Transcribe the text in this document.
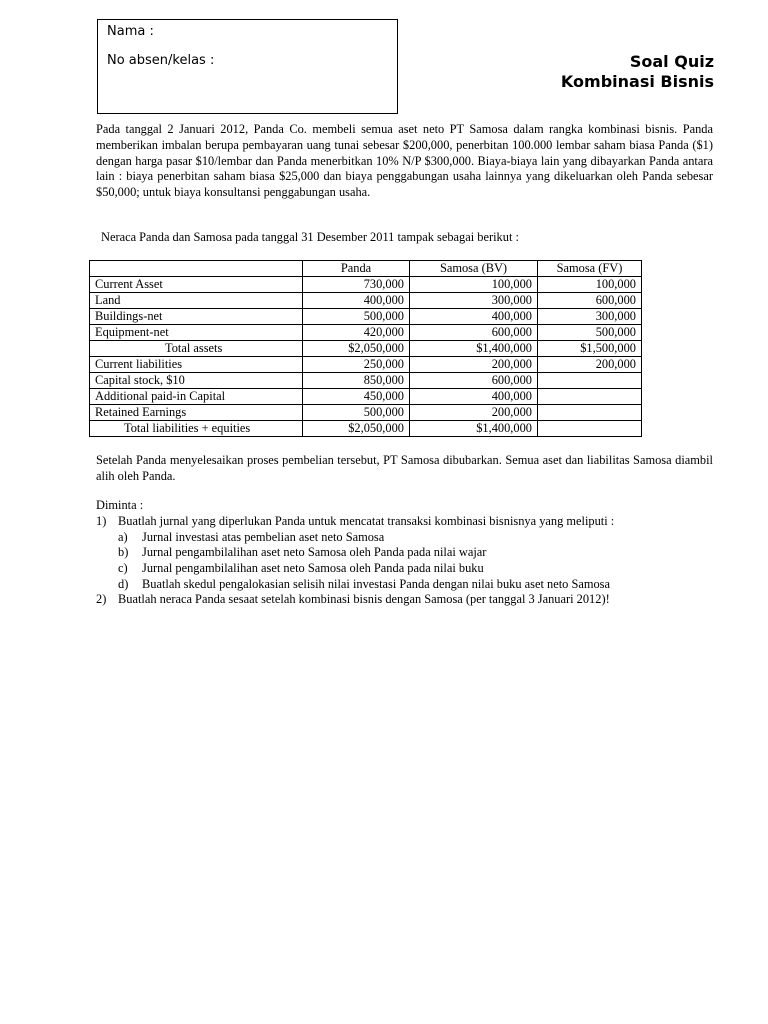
Nama :
No absen/kelas :	Soal Quiz
Kombinasi Bisnis

Pada tanggal 2 Januari 2012, Panda Co. membeli semua aset neto PT Samosa dalam rangka kombinasi bisnis. Panda memberikan imbalan berupa pembayaran uang tunai sebesar $200,000, penerbitan 100.000 lembar saham biasa Panda ($1) dengan harga pasar $10/lembar dan Panda menerbitkan 10% N/P $300,000. Biaya-biaya lain yang dibayarkan Panda antara lain : biaya penerbitan saham biasa $25,000 dan biaya penggabungan usaha lainnya yang dikeluarkan oleh Panda sebesar $50,000; untuk biaya konsultansi penggabungan usaha.

Neraca Panda dan Samosa pada tanggal 31 Desember 2011 tampak sebagai berikut :
	Panda	Samosa (BV)	Samosa (FV)
Current Asset	730,000	100,000	100,000
Land	400,000	300,000	600,000
Buildings-net	500,000	400,000	300,000
Equipment-net	420,000	600,000	500,000
Total assets	$2,050,000	$1,400,000	$1,500,000
Current liabilities	250,000	200,000	200,000
Capital stock, $10	850,000	600,000	
Additional paid-in Capital	450,000	400,000	
Retained Earnings	500,000	200,000	
Total liabilities + equities	$2,050,000	$1,400,000	

Setelah Panda menyelesaikan proses pembelian tersebut, PT Samosa dibubarkan. Semua aset dan liabilitas Samosa diambil alih oleh Panda.

Diminta :
1) Buatlah jurnal yang diperlukan Panda untuk mencatat transaksi kombinasi bisnisnya yang meliputi :
a) Jurnal investasi atas pembelian aset neto Samosa
b) Jurnal pengambilalihan aset neto Samosa oleh Panda pada nilai wajar
c) Jurnal pengambilalihan aset neto Samosa oleh Panda pada nilai buku
d) Buatlah skedul pengalokasian selisih nilai investasi Panda dengan nilai buku aset neto Samosa
2) Buatlah neraca Panda sesaat setelah kombinasi bisnis dengan Samosa (per tanggal 3 Januari 2012)!
